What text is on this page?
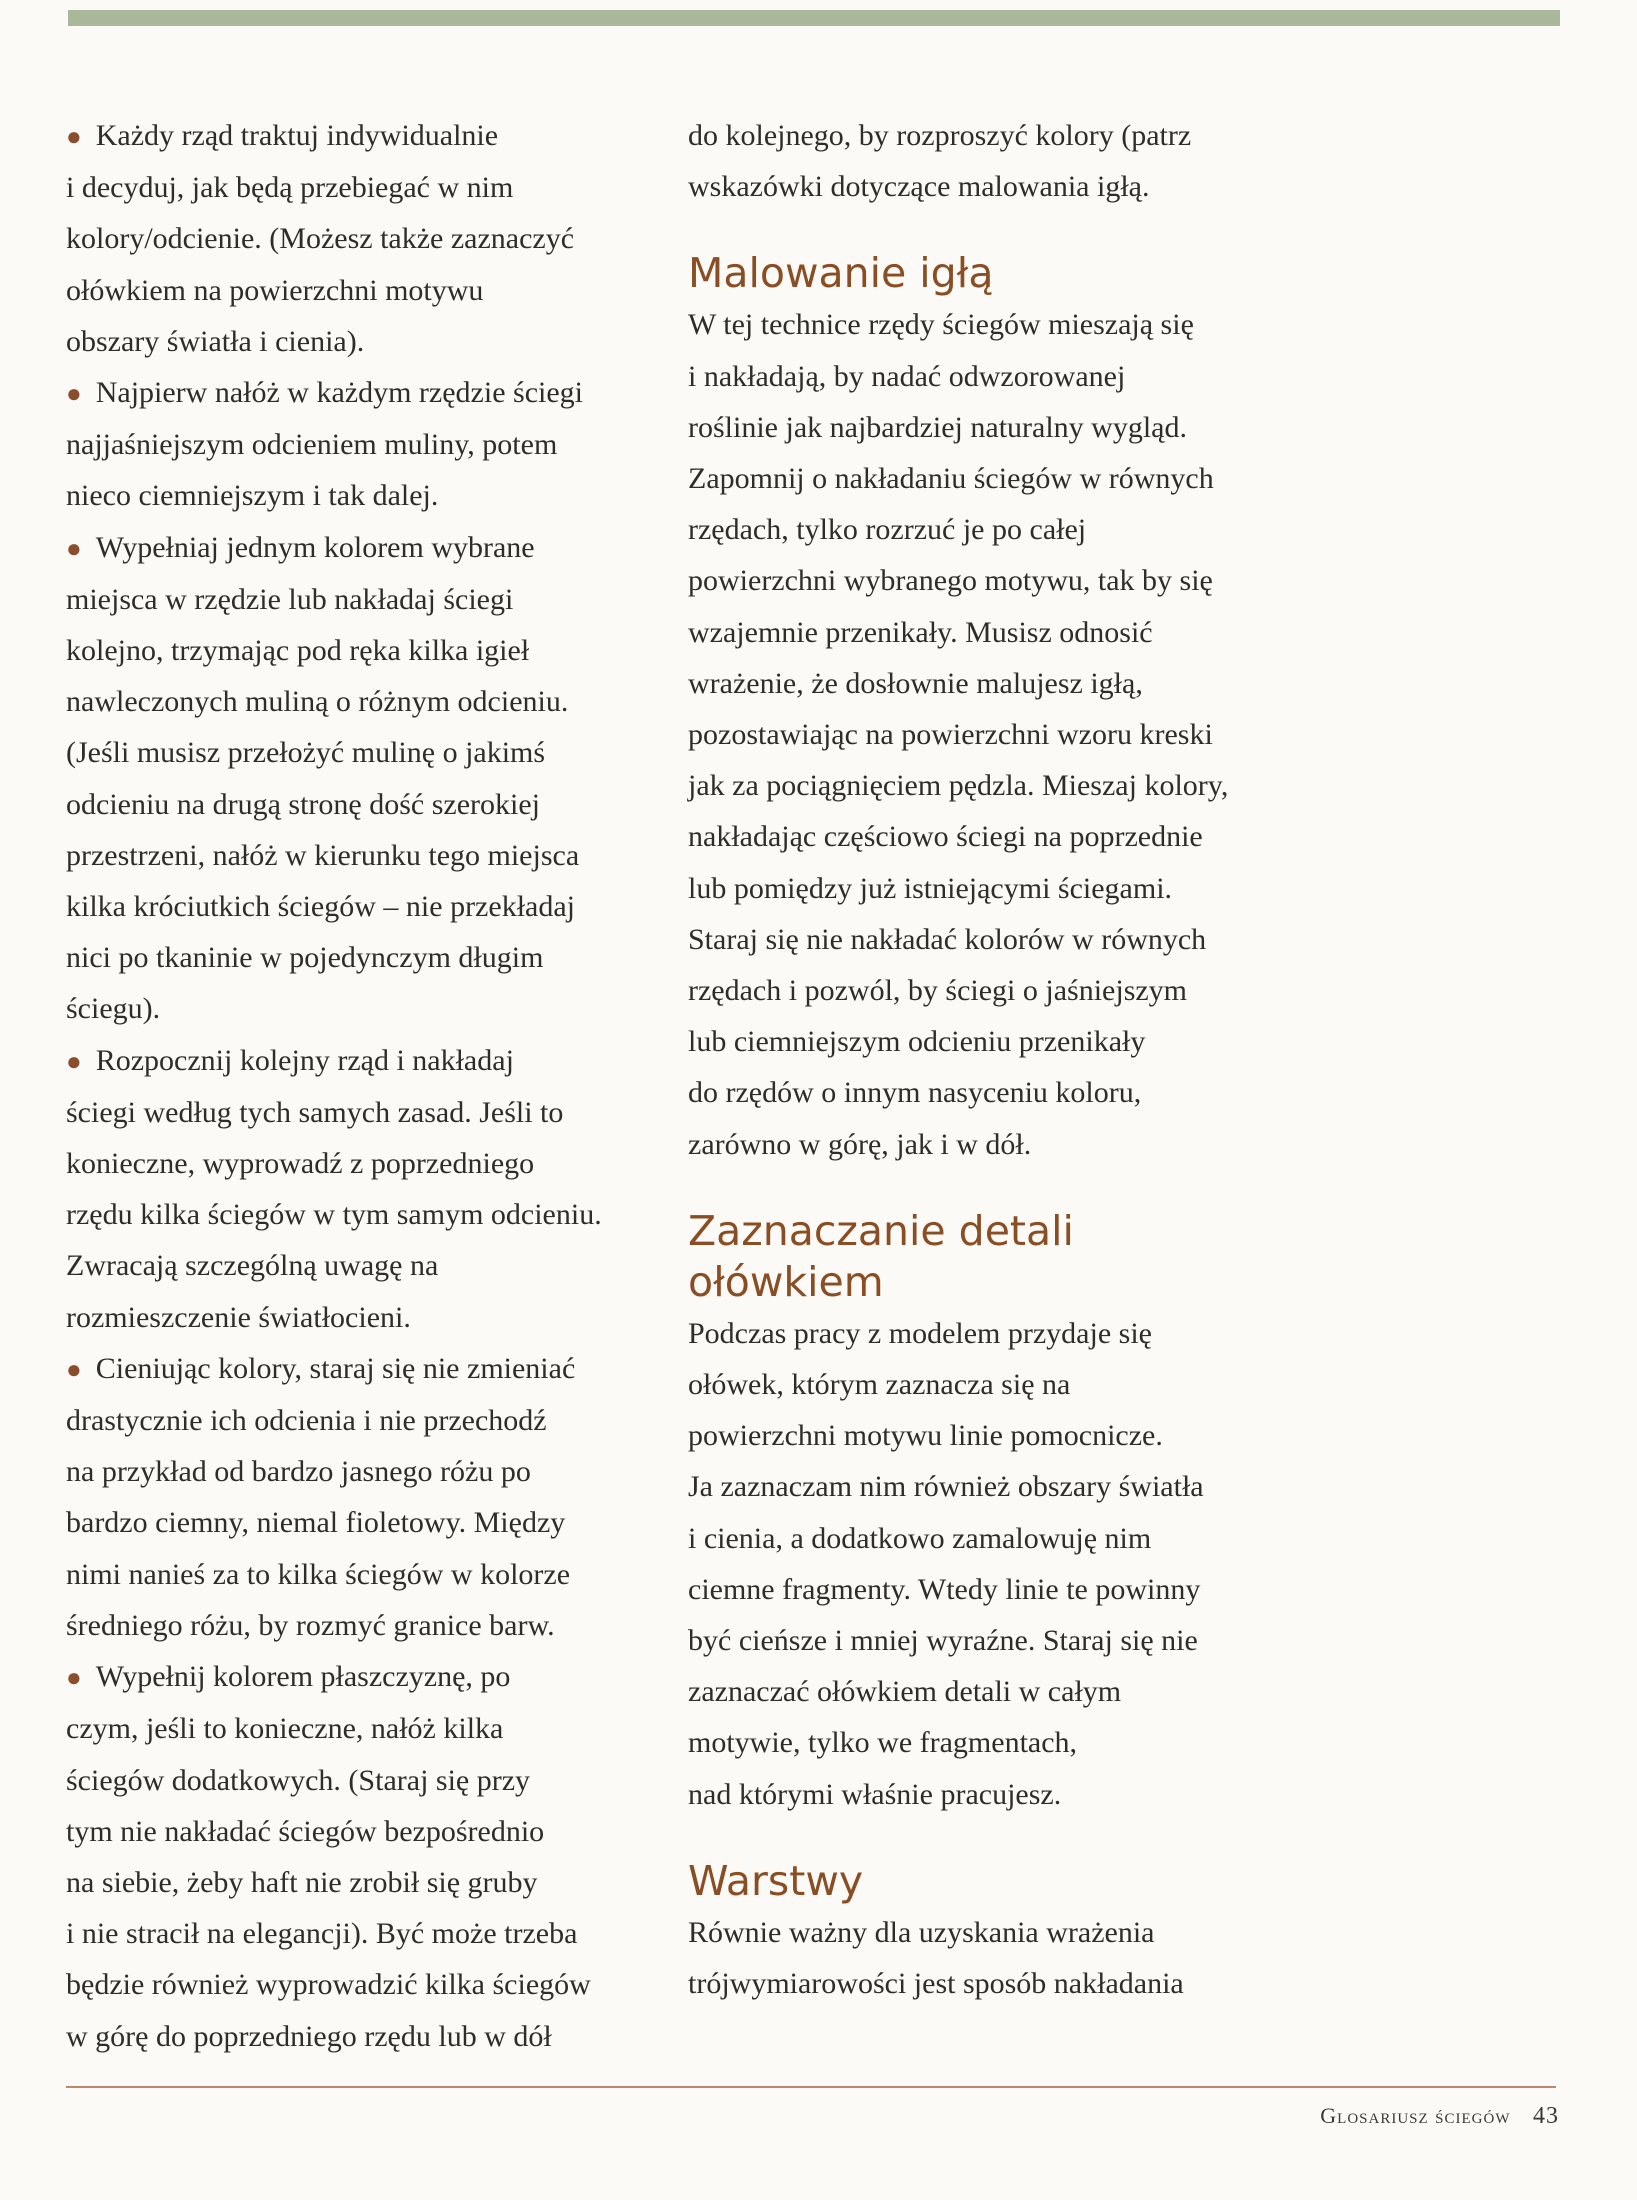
● Każdy rząd traktuj indywidualnie
i decyduj, jak będą przebiegać w nim
kolory/odcienie. (Możesz także zaznaczyć
ołówkiem na powierzchni motywu
obszary światła i cienia).

● Najpierw nałóż w każdym rzędzie ściegi
najjaśniejszym odcieniem muliny, potem
nieco ciemniejszym i tak dalej.

● Wypełniaj jednym kolorem wybrane
miejsca w rzędzie lub nakładaj ściegi
kolejno, trzymając pod ręka kilka igieł
nawleczonych muliną o różnym odcieniu.
(Jeśli musisz przełożyć mulinę o jakimś
odcieniu na drugą stronę dość szerokiej
przestrzeni, nałóż w kierunku tego miejsca
kilka króciutkich ściegów – nie przekładaj
nici po tkaninie w pojedynczym długim
ściegu).

● Rozpocznij kolejny rząd i nakładaj
ściegi według tych samych zasad. Jeśli to
konieczne, wyprowadź z poprzedniego
rzędu kilka ściegów w tym samym odcieniu.
Zwracają szczególną uwagę na
rozmieszczenie światłocieni.

● Cieniując kolory, staraj się nie zmieniać
drastycznie ich odcienia i nie przechodź
na przykład od bardzo jasnego różu po
bardzo ciemny, niemal fioletowy. Między
nimi nanieś za to kilka ściegów w kolorze
średniego różu, by rozmyć granice barw.

● Wypełnij kolorem płaszczyznę, po
czym, jeśli to konieczne, nałóż kilka
ściegów dodatkowych. (Staraj się przy
tym nie nakładać ściegów bezpośrednio
na siebie, żeby haft nie zrobił się gruby
i nie stracił na elegancji). Być może trzeba
będzie również wyprowadzić kilka ściegów
w górę do poprzedniego rzędu lub w dół

do kolejnego, by rozproszyć kolory (patrz
wskazówki dotyczące malowania igłą.

Malowanie igłą

W tej technice rzędy ściegów mieszają się
i nakładają, by nadać odwzorowanej
roślinie jak najbardziej naturalny wygląd.
Zapomnij o nakładaniu ściegów w równych
rzędach, tylko rozrzuć je po całej
powierzchni wybranego motywu, tak by się
wzajemnie przenikały. Musisz odnosić
wrażenie, że dosłownie malujesz igłą,
pozostawiając na powierzchni wzoru kreski
jak za pociągnięciem pędzla. Mieszaj kolory,
nakładając częściowo ściegi na poprzednie
lub pomiędzy już istniejącymi ściegami.
Staraj się nie nakładać kolorów w równych
rzędach i pozwól, by ściegi o jaśniejszym
lub ciemniejszym odcieniu przenikały
do rzędów o innym nasyceniu koloru,
zarówno w górę, jak i w dół.

Zaznaczanie detali
ołówkiem

Podczas pracy z modelem przydaje się
ołówek, którym zaznacza się na
powierzchni motywu linie pomocnicze.
Ja zaznaczam nim również obszary światła
i cienia, a dodatkowo zamalowuję nim
ciemne fragmenty. Wtedy linie te powinny
być cieńsze i mniej wyraźne. Staraj się nie
zaznaczać ołówkiem detali w całym
motywie, tylko we fragmentach,
nad którymi właśnie pracujesz.

Warstwy

Równie ważny dla uzyskania wrażenia
trójwymiarowości jest sposób nakładania

Glosariusz ściegów 43
